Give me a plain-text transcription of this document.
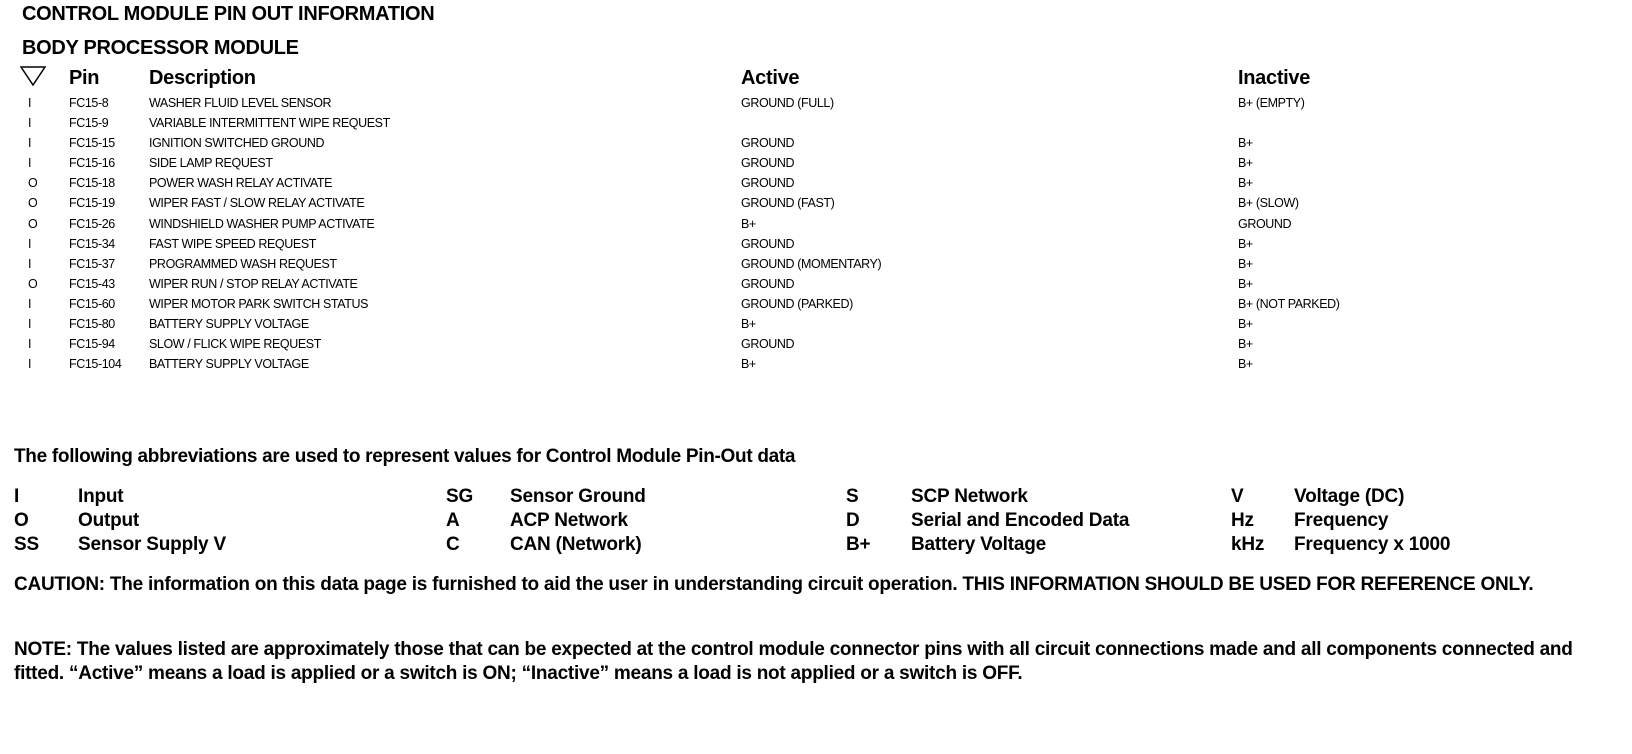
CONTROL MODULE PIN OUT INFORMATION
BODY PROCESSOR MODULE
Pin Description	Active	Inactive
I	FC15-8	WASHER FLUID LEVEL SENSOR	GROUND (FULL)	B+ (EMPTY)
I	FC15-9	VARIABLE INTERMITTENT WIPE REQUEST
I	FC15-15	IGNITION SWITCHED GROUND	GROUND	B+
I	FC15-16	SIDE LAMP REQUEST	GROUND	B+
O	FC15-18	POWER WASH RELAY ACTIVATE	GROUND	B+
O	FC15-19	WIPER FAST / SLOW RELAY ACTIVATE	GROUND (FAST)	B+ (SLOW)
O	FC15-26	WINDSHIELD WASHER PUMP ACTIVATE	B+	GROUND
I	FC15-34	FAST WIPE SPEED REQUEST	GROUND	B+
I	FC15-37	PROGRAMMED WASH REQUEST	GROUND (MOMENTARY)	B+
O	FC15-43	WIPER RUN / STOP RELAY ACTIVATE	GROUND	B+
I	FC15-60	WIPER MOTOR PARK SWITCH STATUS	GROUND (PARKED)	B+ (NOT PARKED)
I	FC15-80	BATTERY SUPPLY VOLTAGE	B+	B+
I	FC15-94	SLOW / FLICK WIPE REQUEST	GROUND	B+
I	FC15-104 BATTERY SUPPLY VOLTAGE	B+	B+
The following abbreviations are used to represent values for Control Module Pin-Out data
I	Input
O	Output
SS Sensor Supply V
SG Sensor Ground
A	ACP Network
C	CAN (Network)
S	SCP Network
D	Serial and Encoded Data
B+ Battery Voltage
V	Voltage (DC)
Hz Frequency
kHz Frequency x 1000
CAUTION: The information on this data page is furnished to aid the user in understanding circuit operation. THIS INFORMATION SHOULD BE USED FOR REFERENCE ONLY.
NOTE: The values listed are approximately those that can be expected at the control module connector pins with all circuit connections made and all components connected and fitted. “Active” means a load is applied or a switch is ON; “Inactive” means a load is not applied or a switch is OFF.
